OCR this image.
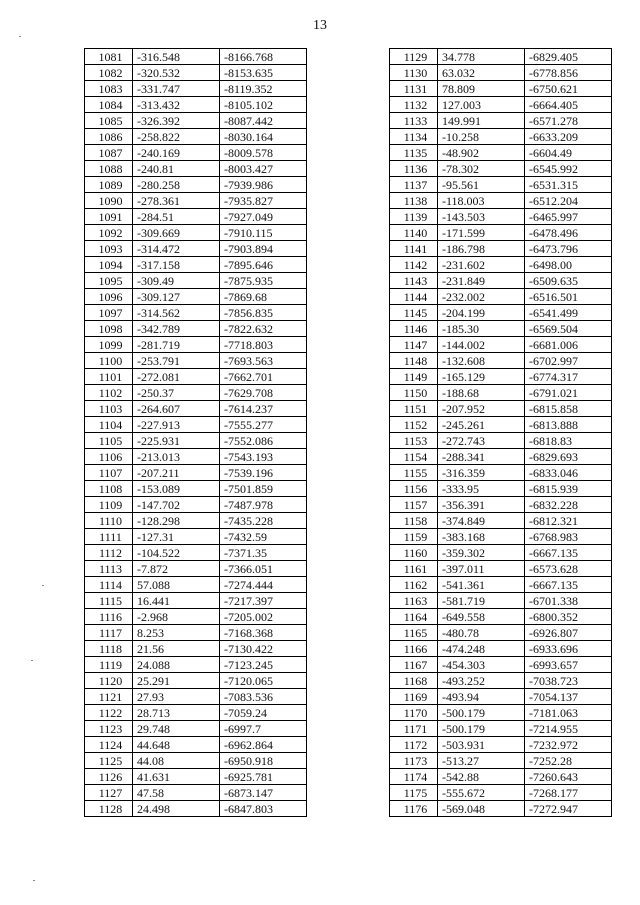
13
1081	-316.548	-8166.768
1082	-320.532	-8153.635
1083	-331.747	-8119.352
1084	-313.432	-8105.102
1085	-326.392	-8087.442
1086	-258.822	-8030.164
1087	-240.169	-8009.578
1088	-240.81	-8003.427
1089	-280.258	-7939.986
1090	-278.361	-7935.827
1091	-284.51	-7927.049
1092	-309.669	-7910.115
1093	-314.472	-7903.894
1094	-317.158	-7895.646
1095	-309.49	-7875.935
1096	-309.127	-7869.68
1097	-314.562	-7856.835
1098	-342.789	-7822.632
1099	-281.719	-7718.803
1100	-253.791	-7693.563
1101	-272.081	-7662.701
1102	-250.37	-7629.708
1103	-264.607	-7614.237
1104	-227.913	-7555.277
1105	-225.931	-7552.086
1106	-213.013	-7543.193
1107	-207.211	-7539.196
1108	-153.089	-7501.859
1109	-147.702	-7487.978
1110	-128.298	-7435.228
1111	-127.31	-7432.59
1112	-104.522	-7371.35
1113	-7.872	-7366.051
1114	57.088	-7274.444
1115	16.441	-7217.397
1116	-2.968	-7205.002
1117	8.253	-7168.368
1118	21.56	-7130.422
1119	24.088	-7123.245
1120	25.291	-7120.065
1121	27.93	-7083.536
1122	28.713	-7059.24
1123	29.748	-6997.7
1124	44.648	-6962.864
1125	44.08	-6950.918
1126	41.631	-6925.781
1127	47.58	-6873.147
1128	24.498	-6847.803
1129	34.778	-6829.405
1130	63.032	-6778.856
1131	78.809	-6750.621
1132	127.003	-6664.405
1133	149.991	-6571.278
1134	-10.258	-6633.209
1135	-48.902	-6604.49
1136	-78.302	-6545.992
1137	-95.561	-6531.315
1138	-118.003	-6512.204
1139	-143.503	-6465.997
1140	-171.599	-6478.496
1141	-186.798	-6473.796
1142	-231.602	-6498.00
1143	-231.849	-6509.635
1144	-232.002	-6516.501
1145	-204.199	-6541.499
1146	-185.30	-6569.504
1147	-144.002	-6681.006
1148	-132.608	-6702.997
1149	-165.129	-6774.317
1150	-188.68	-6791.021
1151	-207.952	-6815.858
1152	-245.261	-6813.888
1153	-272.743	-6818.83
1154	-288.341	-6829.693
1155	-316.359	-6833.046
1156	-333.95	-6815.939
1157	-356.391	-6832.228
1158	-374.849	-6812.321
1159	-383.168	-6768.983
1160	-359.302	-6667.135
1161	-397.011	-6573.628
1162	-541.361	-6667.135
1163	-581.719	-6701.338
1164	-649.558	-6800.352
1165	-480.78	-6926.807
1166	-474.248	-6933.696
1167	-454.303	-6993.657
1168	-493.252	-7038.723
1169	-493.94	-7054.137
1170	-500.179	-7181.063
1171	-500.179	-7214.955
1172	-503.931	-7232.972
1173	-513.27	-7252.28
1174	-542.88	-7260.643
1175	-555.672	-7268.177
1176	-569.048	-7272.947
